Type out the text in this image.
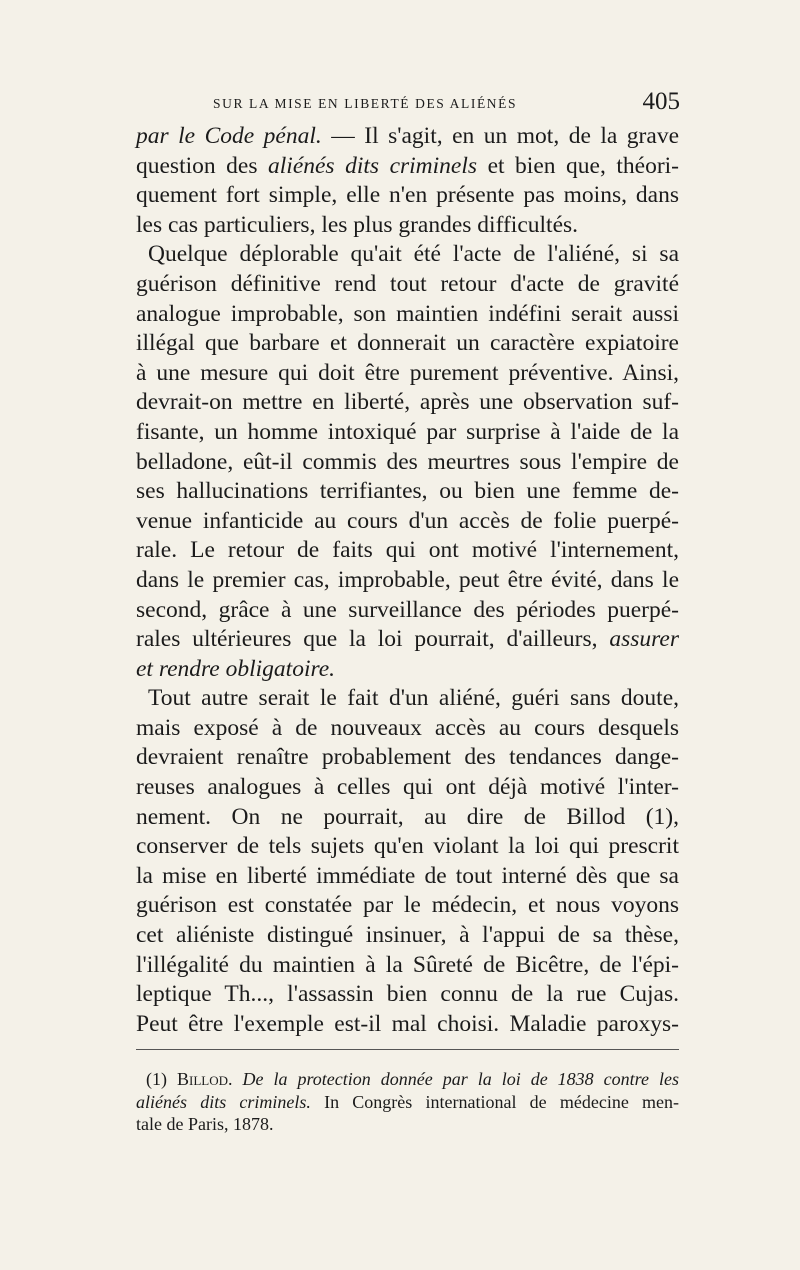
SUR LA MISE EN LIBERTÉ DES ALIÉNÉS	405
par le Code pénal. — Il s'agit, en un mot, de la grave
question des aliénés dits criminels et bien que, théori-
quement fort simple, elle n'en présente pas moins, dans
les cas particuliers, les plus grandes difficultés.
Quelque déplorable qu'ait été l'acte de l'aliéné, si sa
guérison définitive rend tout retour d'acte de gravité
analogue improbable, son maintien indéfini serait aussi
illégal que barbare et donnerait un caractère expiatoire
à une mesure qui doit être purement préventive. Ainsi,
devrait-on mettre en liberté, après une observation suf-
fisante, un homme intoxiqué par surprise à l'aide de la
belladone, eût-il commis des meurtres sous l'empire de
ses hallucinations terrifiantes, ou bien une femme de-
venue infanticide au cours d'un accès de folie puerpé-
rale. Le retour de faits qui ont motivé l'internement,
dans le premier cas, improbable, peut être évité, dans le
second, grâce à une surveillance des périodes puerpé-
rales ultérieures que la loi pourrait, d'ailleurs, assurer
et rendre obligatoire.
Tout autre serait le fait d'un aliéné, guéri sans doute,
mais exposé à de nouveaux accès au cours desquels
devraient renaître probablement des tendances dange-
reuses analogues à celles qui ont déjà motivé l'inter-
nement. On ne pourrait, au dire de Billod (1),
conserver de tels sujets qu'en violant la loi qui prescrit
la mise en liberté immédiate de tout interné dès que sa
guérison est constatée par le médecin, et nous voyons
cet aliéniste distingué insinuer, à l'appui de sa thèse,
l'illégalité du maintien à la Sûreté de Bicêtre, de l'épi-
leptique Th..., l'assassin bien connu de la rue Cujas.
Peut être l'exemple est-il mal choisi. Maladie paroxys-
(1) Billod. De la protection donnée par la loi de 1838 contre les
aliénés dits criminels. In Congrès international de médecine men-
tale de Paris, 1878.
